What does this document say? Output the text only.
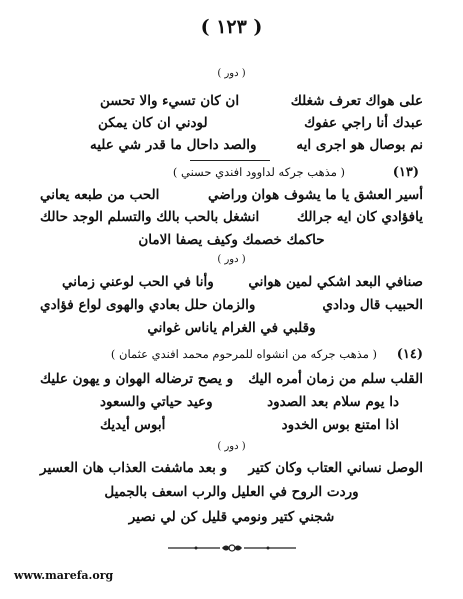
( ١٢٣ )
( دور )
على هواك تعرف شغلك
ان كان تسيء والا تحسن
عبدك أنا راجي عفوك
لودني ان كان يمكن
نم بوصال هو اجرى ايه
والصد داحال ما قدر شي عليه
(١٣)
( مذهب جركه لداوود افندي حسني )
أسير العشق يا ما يشوف هوان
وراضي
الحب من طبعه يعاني
يافؤادي كان ايه جرالك
انشغل بالحب بالك والتسلم الوجد حالك
حاكمك خصمك وكيف يصفا الامان
( دور )
صنافي البعد اشكي لمين هواني
وأنا في الحب لوعني زماني
الحبيب قال ودادي
والزمان حلل بعادي والهوى لواع فؤادي
وقلبي في الغرام ياناس غواني
(١٤)
( مذهب جركه من انشواه للمرحوم محمد افندي عثمان )
القلب سلم من زمان أمره اليك
و يصح ترضاله الهوان و يهون عليك
دا يوم سلام بعد الصدود
وعيد حياتي والسعود
اذا امتنع بوس الخدود
أبوس أيديك
( دور )
الوصل نساني العتاب وكان كتير
و بعد ماشفت العذاب هان العسير
وردت الروح في العليل والرب اسعف بالجميل
شجني كتير ونومي قليل كن لي نصير
www.marefa.org
